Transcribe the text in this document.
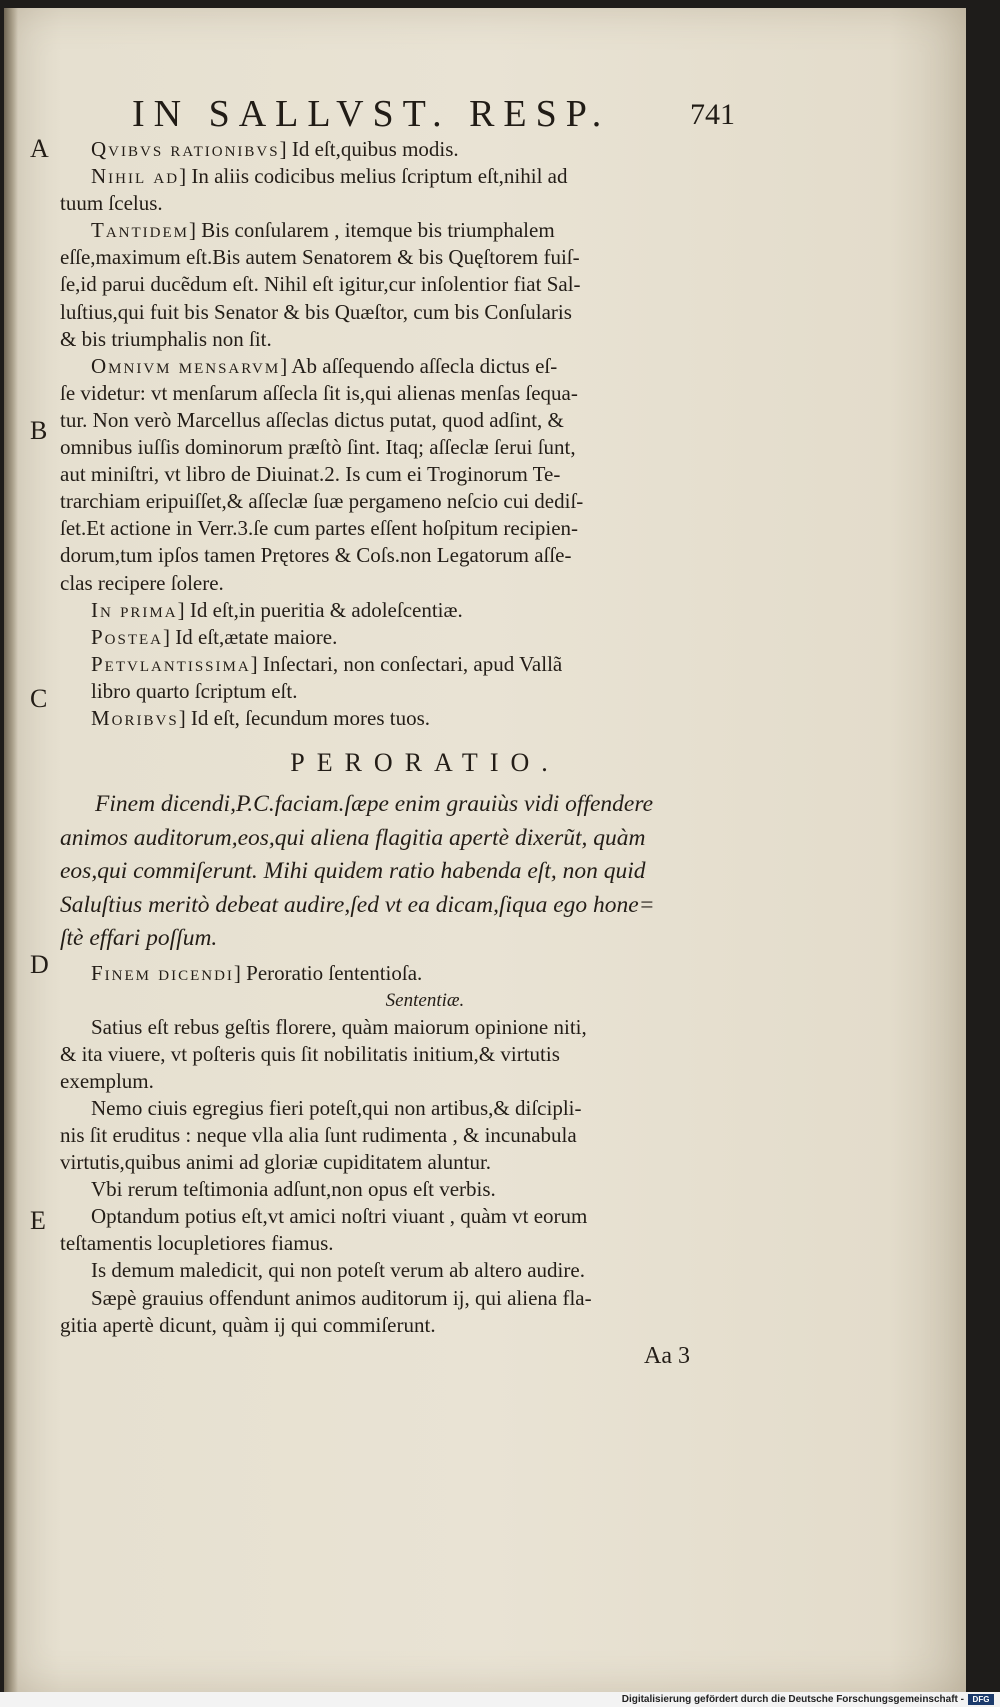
IN SALLVST. RESP.	741
A
B
C
D
E
Qvibvs rationibvs] Id eſt,quibus modis.
Nihil ad] In aliis codicibus melius ſcriptum eſt,nihil ad
tuum ſcelus.
Tantidem] Bis conſularem , itemque bis triumphalem
eſſe,maximum eſt.Bis autem Senatorem & bis Quęſtorem fuiſ-
ſe,id parui ducẽdum eſt. Nihil eſt igitur,cur inſolentior fiat Sal-
luſtius,qui fuit bis Senator & bis Quæſtor, cum bis Conſularis
& bis triumphalis non ſit.
Omnivm mensarvm] Ab aſſequendo aſſecla dictus eſ-
ſe videtur: vt menſarum aſſecla ſit is,qui alienas menſas ſequa-
tur. Non verò Marcellus aſſeclas dictus putat, quod adſint, &
omnibus iuſſis dominorum præſtò ſint. Itaq; aſſeclæ ſerui ſunt,
aut miniſtri, vt libro de Diuinat.2. Is cum ei Troginorum Te-
trarchiam eripuiſſet,& aſſeclæ ſuæ pergameno neſcio cui dediſ-
ſet.Et actione in Verr.3.ſe cum partes eſſent hoſpitum recipien-
dorum,tum ipſos tamen Prętores & Coſs.non Legatorum aſſe-
clas recipere ſolere.
In prima] Id eſt,in pueritia & adoleſcentiæ.
Postea] Id eſt,ætate maiore.
Petvlantissima] Inſectari, non conſectari, apud Vallã
libro quarto ſcriptum eſt.
Moribvs] Id eſt, ſecundum mores tuos.
PERORATIO.
Finem dicendi,P.C.faciam.ſæpe enim grauiùs vidi offendere
animos auditorum,eos,qui aliena flagitia apertè dixerũt, quàm
eos,qui commiſerunt. Mihi quidem ratio habenda eſt, non quid
Saluſtius meritò debeat audire,ſed vt ea dicam,ſiqua ego hone=
ſtè effari poſſum.
Finem dicendi] Peroratio ſententioſa.
Sententiæ.
Satius eſt rebus geſtis florere, quàm maiorum opinione niti,
& ita viuere, vt poſteris quis ſit nobilitatis initium,& virtutis
exemplum.
Nemo ciuis egregius fieri poteſt,qui non artibus,& diſcipli-
nis ſit eruditus : neque vlla alia ſunt rudimenta , & incunabula
virtutis,quibus animi ad gloriæ cupiditatem aluntur.
Vbi rerum teſtimonia adſunt,non opus eſt verbis.
Optandum potius eſt,vt amici noſtri viuant , quàm vt eorum
teſtamentis locupletiores fiamus.
Is demum maledicit, qui non poteſt verum ab altero audire.
Sæpè grauius offendunt animos auditorum ij, qui aliena fla-
gitia apertè dicunt, quàm ij qui commiſerunt.
Aa 3
Digitalisierung gefördert durch die Deutsche Forschungsgemeinschaft -	DFG
